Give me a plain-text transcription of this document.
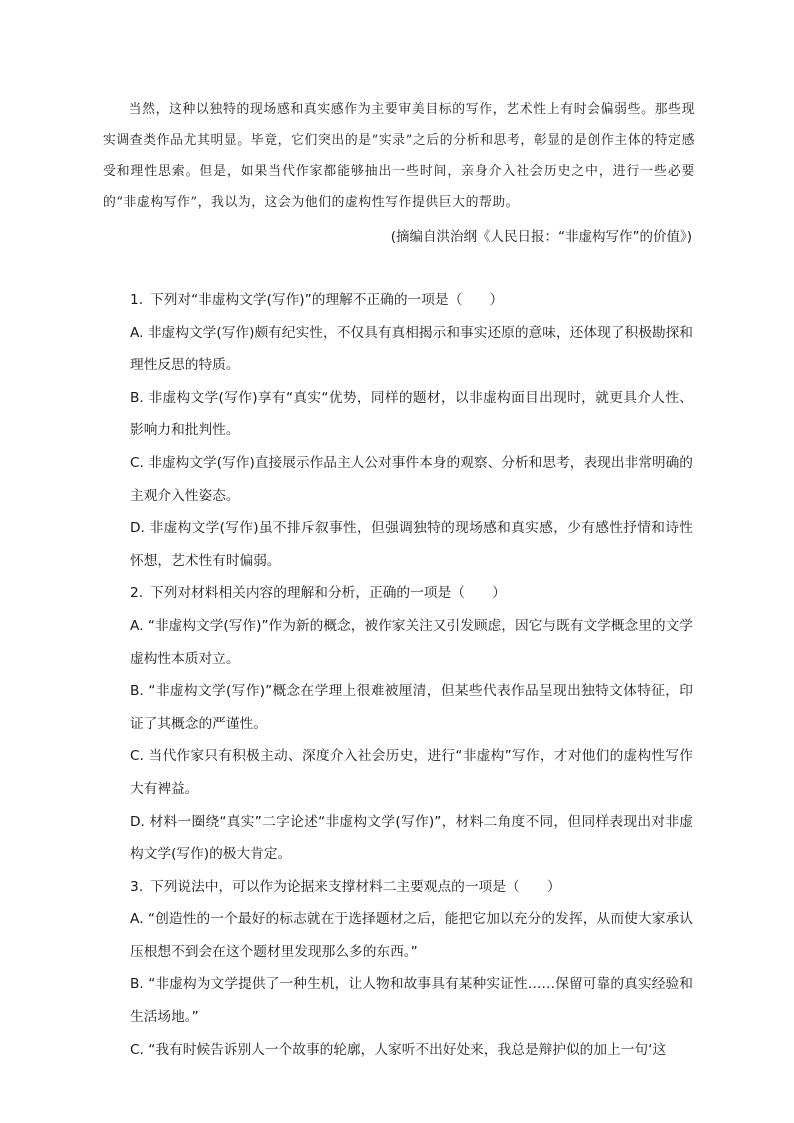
当然，这种以独特的现场感和真实感作为主要审美目标的写作，艺术性上有时会偏弱些。那些现实调查类作品尤其明显。毕竟，它们突出的是“实录”之后的分析和思考，彰显的是创作主体的特定感受和理性思索。但是，如果当代作家都能够抽出一些时间，亲身介入社会历史之中，进行一些必要的“非虚构写作”，我以为，这会为他们的虚构性写作提供巨大的帮助。

(摘编自洪治纲《人民日报：“非虚构写作”的价值》)

1. 下列对“非虚构文学(写作)”的理解不正确的一项是（　　）

A. 非虚构文学(写作)颇有纪实性，不仅具有真相揭示和事实还原的意味，还体现了积极勘探和理性反思的特质。

B. 非虚构文学(写作)享有“真实“优势，同样的题材，以非虚构面目出现时，就更具介人性、影响力和批判性。

C. 非虚构文学(写作)直接展示作品主人公对事件本身的观察、分析和思考，表现出非常明确的主观介入性姿态。

D. 非虚构文学(写作)虽不排斥叙事性，但强调独特的现场感和真实感，少有感性抒情和诗性怀想，艺术性有时偏弱。

2. 下列对材料相关内容的理解和分析，正确的一项是（　　）

A. “非虚构文学(写作)”作为新的概念，被作家关注又引发顾虑，因它与既有文学概念里的文学虚构性本质对立。

B. “非虚构文学(写作)”概念在学理上很难被厘清，但某些代表作品呈现出独特文体特征，印证了其概念的严谨性。

C. 当代作家只有积极主动、深度介入社会历史，进行“非虚构”写作，才对他们的虚构性写作大有裨益。

D. 材料一圈绕“真实”二字论述“非虚构文学(写作)”，材料二角度不同，但同样表现出对非虚构文学(写作)的极大肯定。

3. 下列说法中，可以作为论据来支撑材料二主要观点的一项是（　　）

A. “创造性的一个最好的标志就在于选择题材之后，能把它加以充分的发挥，从而使大家承认压根想不到会在这个题材里发现那么多的东西。”

B. “非虚构为文学提供了一种生机，让人物和故事具有某种实证性……保留可靠的真实经验和生活场地。”

C. “我有时候告诉别人一个故事的轮廓，人家听不出好处来，我总是辩护似的加上一句‘这
